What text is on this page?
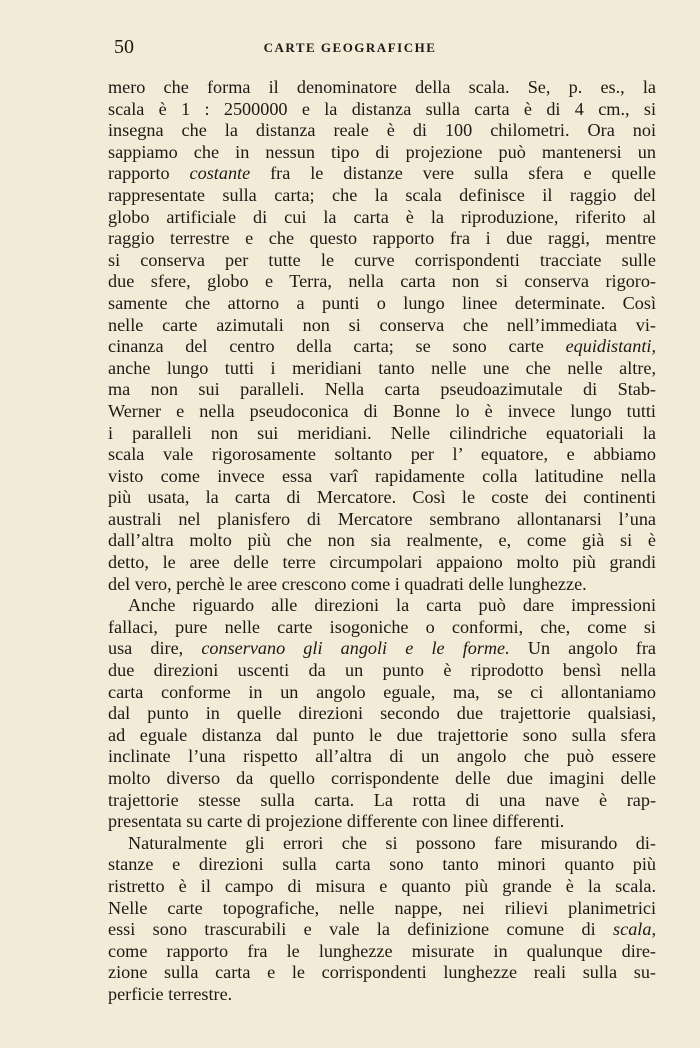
50	CARTE GEOGRAFICHE
mero che forma il denominatore della scala. Se, p. es., la
scala è 1 : 2500000 e la distanza sulla carta è di 4 cm., si
insegna che la distanza reale è di 100 chilometri. Ora noi
sappiamo che in nessun tipo di projezione può mantenersi un
rapporto costante fra le distanze vere sulla sfera e quelle
rappresentate sulla carta; che la scala definisce il raggio del
globo artificiale di cui la carta è la riproduzione, riferito al
raggio terrestre e che questo rapporto fra i due raggi, mentre
si conserva per tutte le curve corrispondenti tracciate sulle
due sfere, globo e Terra, nella carta non si conserva rigoro-
samente che attorno a punti o lungo linee determinate. Così
nelle carte azimutali non si conserva che nell’immediata vi-
cinanza del centro della carta; se sono carte equidistanti,
anche lungo tutti i meridiani tanto nelle une che nelle altre,
ma non sui paralleli. Nella carta pseudoazimutale di Stab-
Werner e nella pseudoconica di Bonne lo è invece lungo tutti
i paralleli non sui meridiani. Nelle cilindriche equatoriali la
scala vale rigorosamente soltanto per l’ equatore, e abbiamo
visto come invece essa varî rapidamente colla latitudine nella
più usata, la carta di Mercatore. Così le coste dei continenti
australi nel planisfero di Mercatore sembrano allontanarsi l’una
dall’altra molto più che non sia realmente, e, come già si è
detto, le aree delle terre circumpolari appaiono molto più grandi
del vero, perchè le aree crescono come i quadrati delle lunghezze.
Anche riguardo alle direzioni la carta può dare impressioni
fallaci, pure nelle carte isogoniche o conformi, che, come si
usa dire, conservano gli angoli e le forme. Un angolo fra
due direzioni uscenti da un punto è riprodotto bensì nella
carta conforme in un angolo eguale, ma, se ci allontaniamo
dal punto in quelle direzioni secondo due trajettorie qualsiasi,
ad eguale distanza dal punto le due trajettorie sono sulla sfera
inclinate l’una rispetto all’altra di un angolo che può essere
molto diverso da quello corrispondente delle due imagini delle
trajettorie stesse sulla carta. La rotta di una nave è rap-
presentata su carte di projezione differente con linee differenti.
Naturalmente gli errori che si possono fare misurando di-
stanze e direzioni sulla carta sono tanto minori quanto più
ristretto è il campo di misura e quanto più grande è la scala.
Nelle carte topografiche, nelle nappe, nei rilievi planimetrici
essi sono trascurabili e vale la definizione comune di scala,
come rapporto fra le lunghezze misurate in qualunque dire-
zione sulla carta e le corrispondenti lunghezze reali sulla su-
perficie terrestre.
